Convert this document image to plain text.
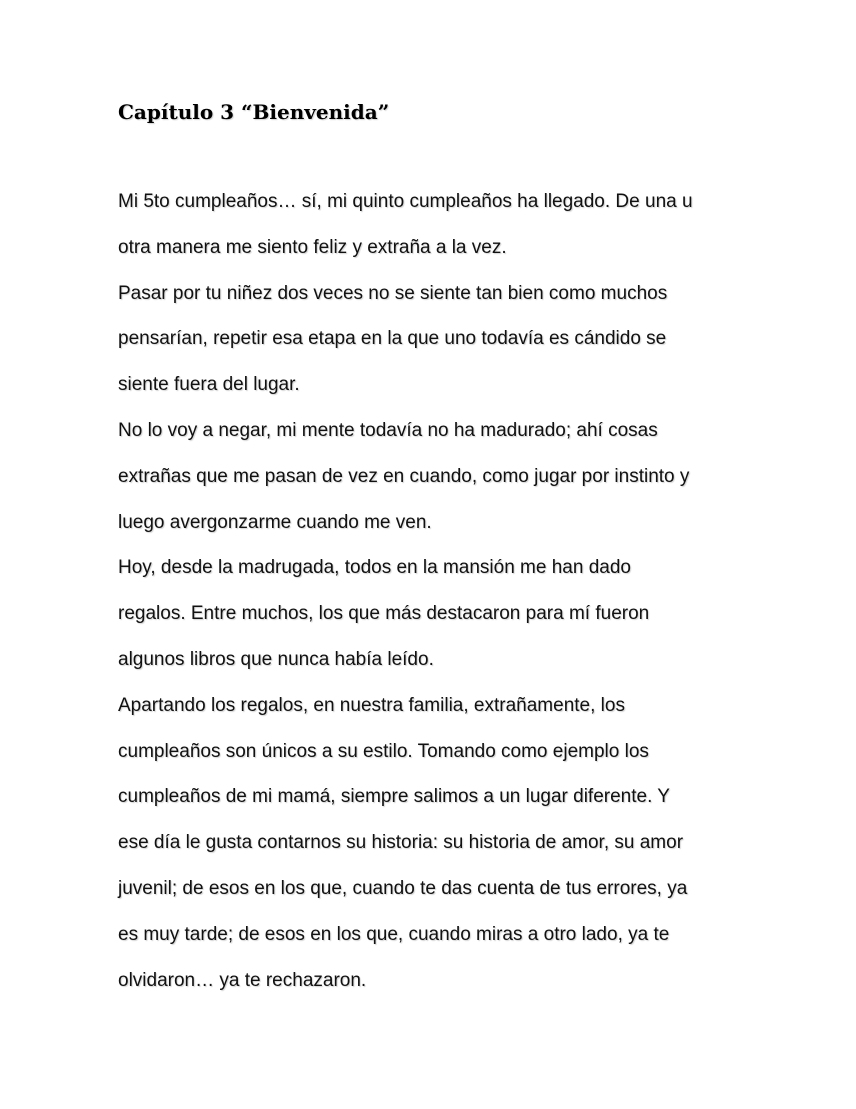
Capítulo 3 “Bienvenida”
Mi 5to cumpleaños… sí, mi quinto cumpleaños ha llegado. De una u
otra manera me siento feliz y extraña a la vez.
Pasar por tu niñez dos veces no se siente tan bien como muchos
pensarían, repetir esa etapa en la que uno todavía es cándido se
siente fuera del lugar.
No lo voy a negar, mi mente todavía no ha madurado; ahí cosas
extrañas que me pasan de vez en cuando, como jugar por instinto y
luego avergonzarme cuando me ven.
Hoy, desde la madrugada, todos en la mansión me han dado
regalos. Entre muchos, los que más destacaron para mí fueron
algunos libros que nunca había leído.
Apartando los regalos, en nuestra familia, extrañamente, los
cumpleaños son únicos a su estilo. Tomando como ejemplo los
cumpleaños de mi mamá, siempre salimos a un lugar diferente. Y
ese día le gusta contarnos su historia: su historia de amor, su amor
juvenil; de esos en los que, cuando te das cuenta de tus errores, ya
es muy tarde; de esos en los que, cuando miras a otro lado, ya te
olvidaron… ya te rechazaron.
